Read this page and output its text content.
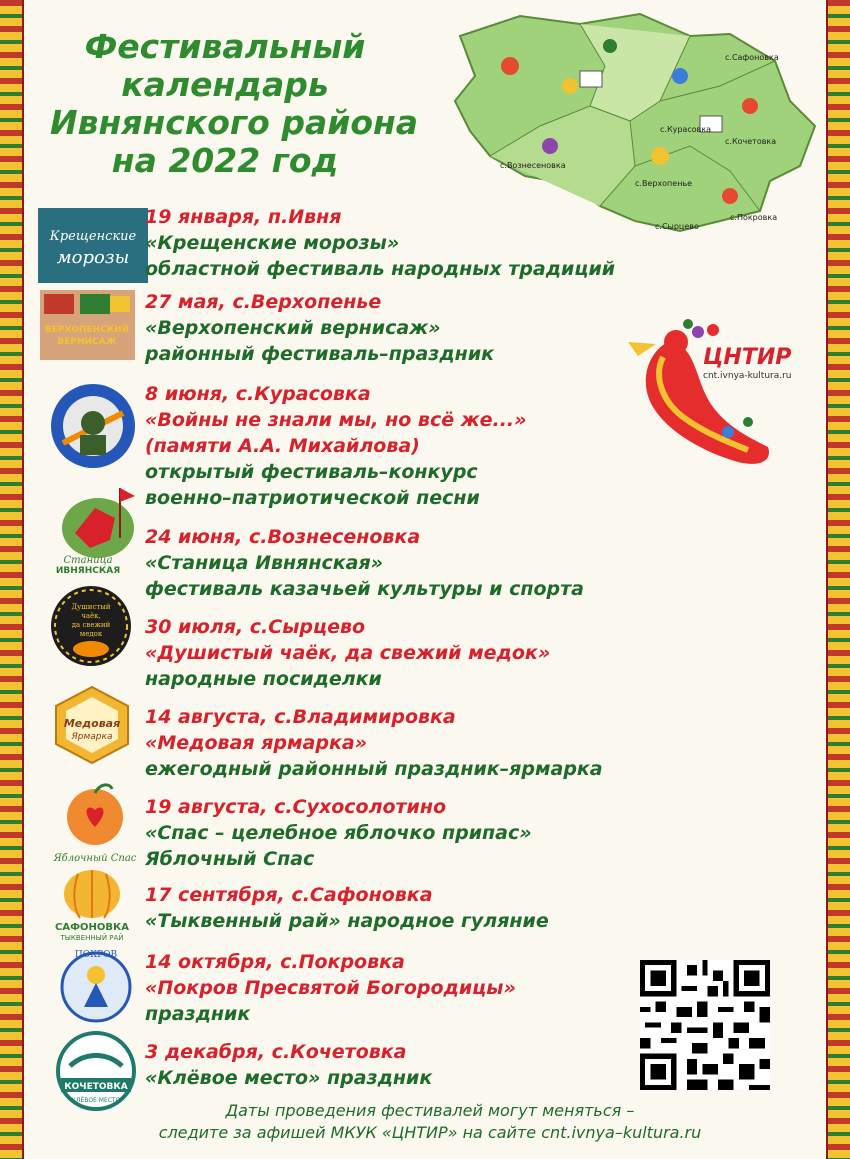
Фестивальный
календарь
Ивнянского района
на 2022 год
с.Сафоновка
с.Курасовка
с.Кочетовка
с.Вознесеновка
с.Верхопенье
с.Покровка
с.Сырцево
ЦНТИР
cnt.ivnya-kultura.ru
Крещенские
морозы
19 января, п.Ивня
«Крещенские морозы»
областной фестиваль народных традиций
ВЕРХОПЕНСКИЙ
ВЕРНИСАЖ
27 мая, с.Верхопенье
«Верхопенский вернисаж»
районный фестиваль–праздник
8 июня, с.Курасовка
«Войны не знали мы, но всё же...»
(памяти А.А. Михайлова)
открытый фестиваль–конкурс
военно–патриотической песни
Станица
ИВНЯНСКАЯ
24 июня, с.Вознесеновка
«Станица Ивнянская»
фестиваль казачьей культуры и спорта
Душистый
чаёк,
да свежий
медок 30 июля, с.Сырцево
«Душистый чаёк, да свежий медок»
народные посиделки
Медовая
Ярмарка
14 августа, с.Владимировка
«Медовая ярмарка»
ежегодный районный праздник–ярмарка
Яблочный Спас
19 августа, с.Сухосолотино
«Спас – целебное яблочко припас»
Яблочный Спас
САФОНОВКА
ТЫКВЕННЫЙ РАЙ
17 сентября, с.Сафоновка
«Тыквенный рай» народное гуляние
ПОКРОВ 14 октября, с.Покровка
«Покров Пресвятой Богородицы»
праздник
КОЧЕТОВКА
КЛЁВОЕ МЕСТО
3 декабря, с.Кочетовка
«Клёвое место» праздник
Даты проведения фестивалей могут меняться –
следите за афишей МКУК «ЦНТИР» на сайте cnt.ivnya–kultura.ru
